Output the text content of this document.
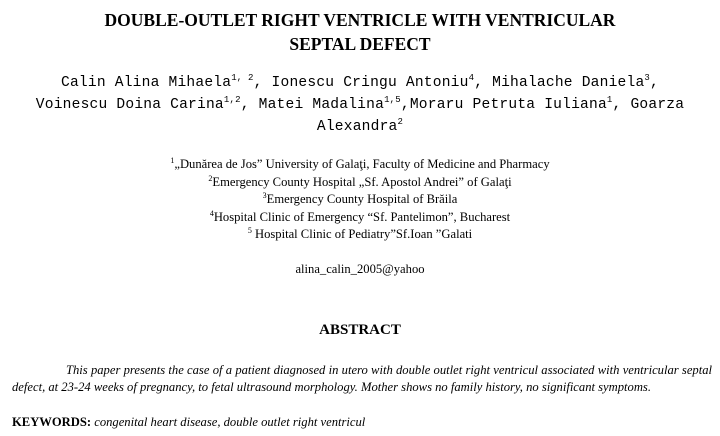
DOUBLE-OUTLET RIGHT VENTRICLE WITH VENTRICULAR
SEPTAL DEFECT
Calin Alina Mihaela$^{1, 2}$, Ionescu Cringu Antoniu$^4$, Mihalache Daniela$^3$, Voinescu Doina Carina$^{1,2}$, Matei Madalina$^{1,5}$,Moraru Petruta Iuliana$^1$, Goarza Alexandra$^2$
$^1$„Dunărea de Jos” University of Galaţi, Faculty of Medicine and Pharmacy
$^2$Emergency County Hospital „Sf. Apostol Andrei” of Galaţi
$^3$Emergency County Hospital of Brăila
$^4$Hospital Clinic of Emergency “Sf. Pantelimon”, Bucharest
$^5$ Hospital Clinic of Pediatry”Sf.Ioan ”Galati
alina_calin_2005@yahoo
ABSTRACT
This paper presents the case of a patient diagnosed in utero with double outlet right ventricul associated with ventricular septal defect, at 23-24 weeks of pregnancy, to fetal ultrasound morphology. Mother shows no family history, no significant symptoms.
KEYWORDS: congenital heart disease, double outlet right ventricul
